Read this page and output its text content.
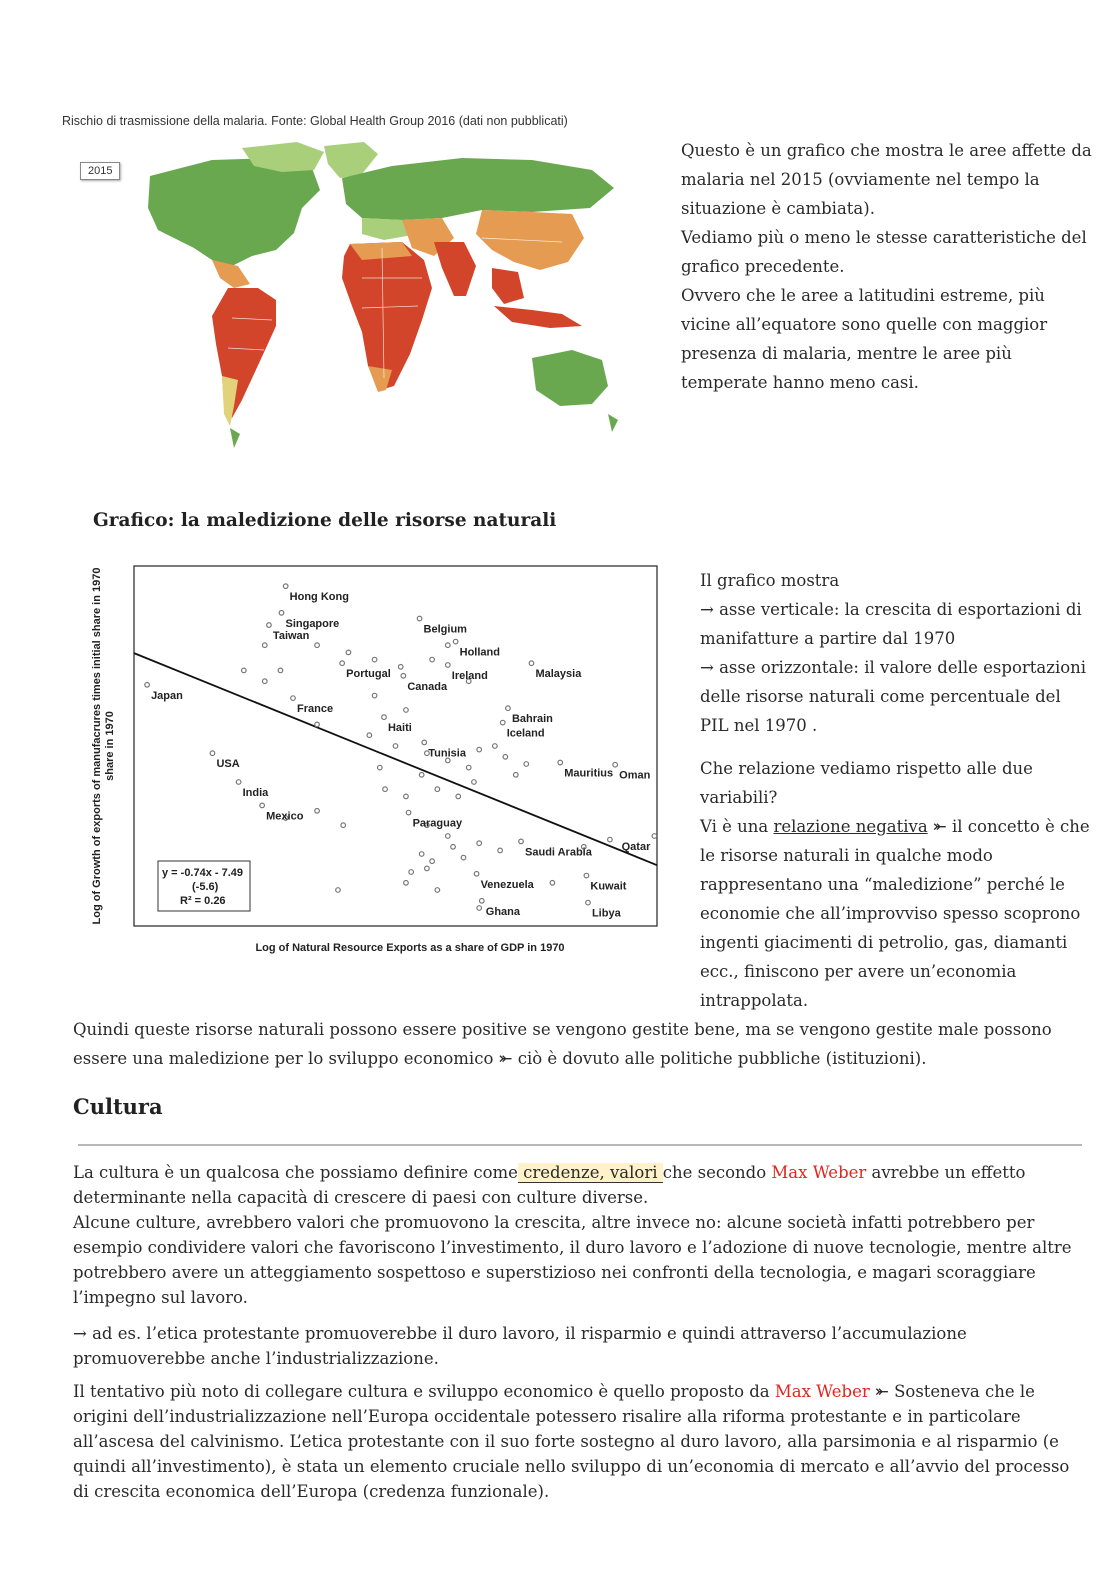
Rischio di trasmissione della malaria. Fonte: Global Health Group 2016 (dati non pubblicati)
2015

Questo è un grafico che mostra le aree affette da malaria nel 2015 (ovviamente nel tempo la situazione è cambiata).

Vediamo più o meno le stesse caratteristiche del grafico precedente.

Ovvero che le aree a latitudini estreme, più vicine all’equatore sono quelle con maggior presenza di malaria, mentre le aree più temperate hanno meno casi.

Grafico: la maledizione delle risorse naturali
Hong Kong
Singapore
Taiwan
Belgium
Holland
Ireland
Japan
France
Portugal
Canada
Malaysia
Bahrain
Haiti
Tunisia
Iceland
USA
India
Mauritius Oman
Mexico
Paraguay
Qatar
Saudi Arabia
Venezuela	Kuwait
Ghana	Libya
y = -0.74x - 7.49
(-5.6)
R² = 0.26
Log of Natural Resource Exports as a share of GDP in 1970
Log of Growth of exports of manufacrures times initial share in 1970 share in 1970

Il grafico mostra

→ asse verticale: la crescita di esportazioni di manifatture a partire dal 1970

→ asse orizzontale: il valore delle esportazioni delle risorse naturali come percentuale del PIL nel 1970 .

Che relazione vediamo rispetto alle due variabili?

Vi è una relazione negativa ⤜ il concetto è che le risorse naturali in qualche modo rappresentano una “maledizione” perché le economie che all’improvviso spesso scoprono ingenti giacimenti di petrolio, gas, diamanti ecc., finiscono per avere un’economia intrappolata.

Quindi queste risorse naturali possono essere positive se vengono gestite bene, ma se vengono gestite male possono essere una maledizione per lo sviluppo economico ⤜ ciò è dovuto alle politiche pubbliche (istituzioni).

Cultura

La cultura è un qualcosa che possiamo definire come credenze, valori che secondo Max Weber avrebbe un effetto determinante nella capacità di crescere di paesi con culture diverse.

Alcune culture, avrebbero valori che promuovono la crescita, altre invece no: alcune società infatti potrebbero per esempio condividere valori che favoriscono l’investimento, il duro lavoro e l’adozione di nuove tecnologie, mentre altre potrebbero avere un atteggiamento sospettoso e superstizioso nei confronti della tecnologia, e magari scoraggiare l’impegno sul lavoro.

→ ad es. l’etica protestante promuoverebbe il duro lavoro, il risparmio e quindi attraverso l’accumulazione promuoverebbe anche l’industrializzazione.

Il tentativo più noto di collegare cultura e sviluppo economico è quello proposto da Max Weber ⤜ Sosteneva che le origini dell’industrializzazione nell’Europa occidentale potessero risalire alla riforma protestante e in particolare all’ascesa del calvinismo. L’etica protestante con il suo forte sostegno al duro lavoro, alla parsimonia e al risparmio (e quindi all’investimento), è stata un elemento cruciale nello sviluppo di un’economia di mercato e all’avvio del processo di crescita economica dell’Europa (credenza funzionale).
